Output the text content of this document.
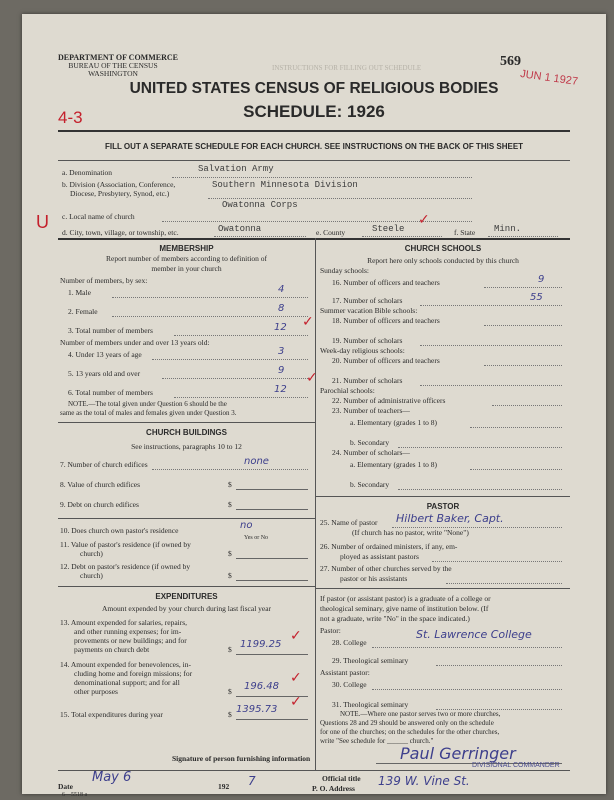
DEPARTMENT OF COMMERCE
BUREAU OF THE CENSUS
WASHINGTON
INSTRUCTIONS FOR FILLING OUT SCHEDULE	569
JUN 1 1927
UNITED STATES CENSUS OF RELIGIOUS BODIES
4-3	SCHEDULE: 1926
FILL OUT A SEPARATE SCHEDULE FOR EACH CHURCH. SEE INSTRUCTIONS ON THE BACK OF THIS SHEET
a. Denomination	Salvation Army
b. Division (Association, Conference,
Diocese, Presbytery, Synod, etc.)
Southern Minnesota Division
Owatonna Corps
c. Local name of church
U
d. City, town, village, or township, etc.	Owatonna	e. County	Steele
✓
f. State Minn.
MEMBERSHIP
Report number of members according to definition of
member in your church
Number of members, by sex:
1. Male	4
2. Female	8
3. Total number of members	12 ✓
Number of members under and over 13 years old:
4. Under 13 years of age	3
5. 13 years old and over	9
6. Total number of members	12
✓
NOTE.—The total given under Question 6 should be the
same as the total of males and females given under Question 3.
CHURCH BUILDINGS
See instructions, paragraphs 10 to 12
7. Number of church edifices	none
8. Value of church edifices	$
9. Debt on church edifices	$
10. Does church own pastor's residence	no
Yes or No
11. Value of pastor's residence (if owned by
church)	$
12. Debt on pastor's residence (if owned by
church)	$
EXPENDITURES
Amount expended by your church during last fiscal year
13. Amount expended for salaries, repairs,
and other running expenses; for im-
provements or new buildings; and for
payments on church debt	$ 1199.25
✓
14. Amount expended for benevolences, in-
cluding home and foreign missions; for
denominational support; and for all
other purposes	$ 196.48
✓
15. Total expenditures during year	$ 1395.73 ✓
CHURCH SCHOOLS
Report here only schools conducted by this church
Sunday schools:
16. Number of officers and teachers	9
17. Number of scholars	55
Summer vacation Bible schools:
18. Number of officers and teachers
19. Number of scholars
Week-day religious schools:
20. Number of officers and teachers
21. Number of scholars
Parochial schools:
22. Number of administrative officers
23. Number of teachers—
a. Elementary (grades 1 to 8)
b. Secondary
24. Number of scholars—
a. Elementary (grades 1 to 8)
b. Secondary
PASTOR
25. Name of pastor Hilbert Baker, Capt.
(If church has no pastor, write "None")
26. Number of ordained ministers, if any, em-
ployed as assistant pastors
27. Number of other churches served by the
pastor or his assistants
If pastor (or assistant pastor) is a graduate of a college or
theological seminary, give name of institution below. (If
not a graduate, write "No" in the space indicated.)
Pastor:
28. College
St. Lawrence College
29. Theological seminary
Assistant pastor:
30. College
31. Theological seminary
NOTE.—Where one pastor serves two or more churches,
Questions 28 and 29 should be answered only on the schedule
for one of the churches; on the schedules for the other churches,
write "See schedule for ______ church."
Signature of person furnishing information	Paul Gerringer
DIVISIONAL COMMANDER
Official title
Date
May 6
192 7
P. O. Address
139 W. Vine St.
6—5518 a
